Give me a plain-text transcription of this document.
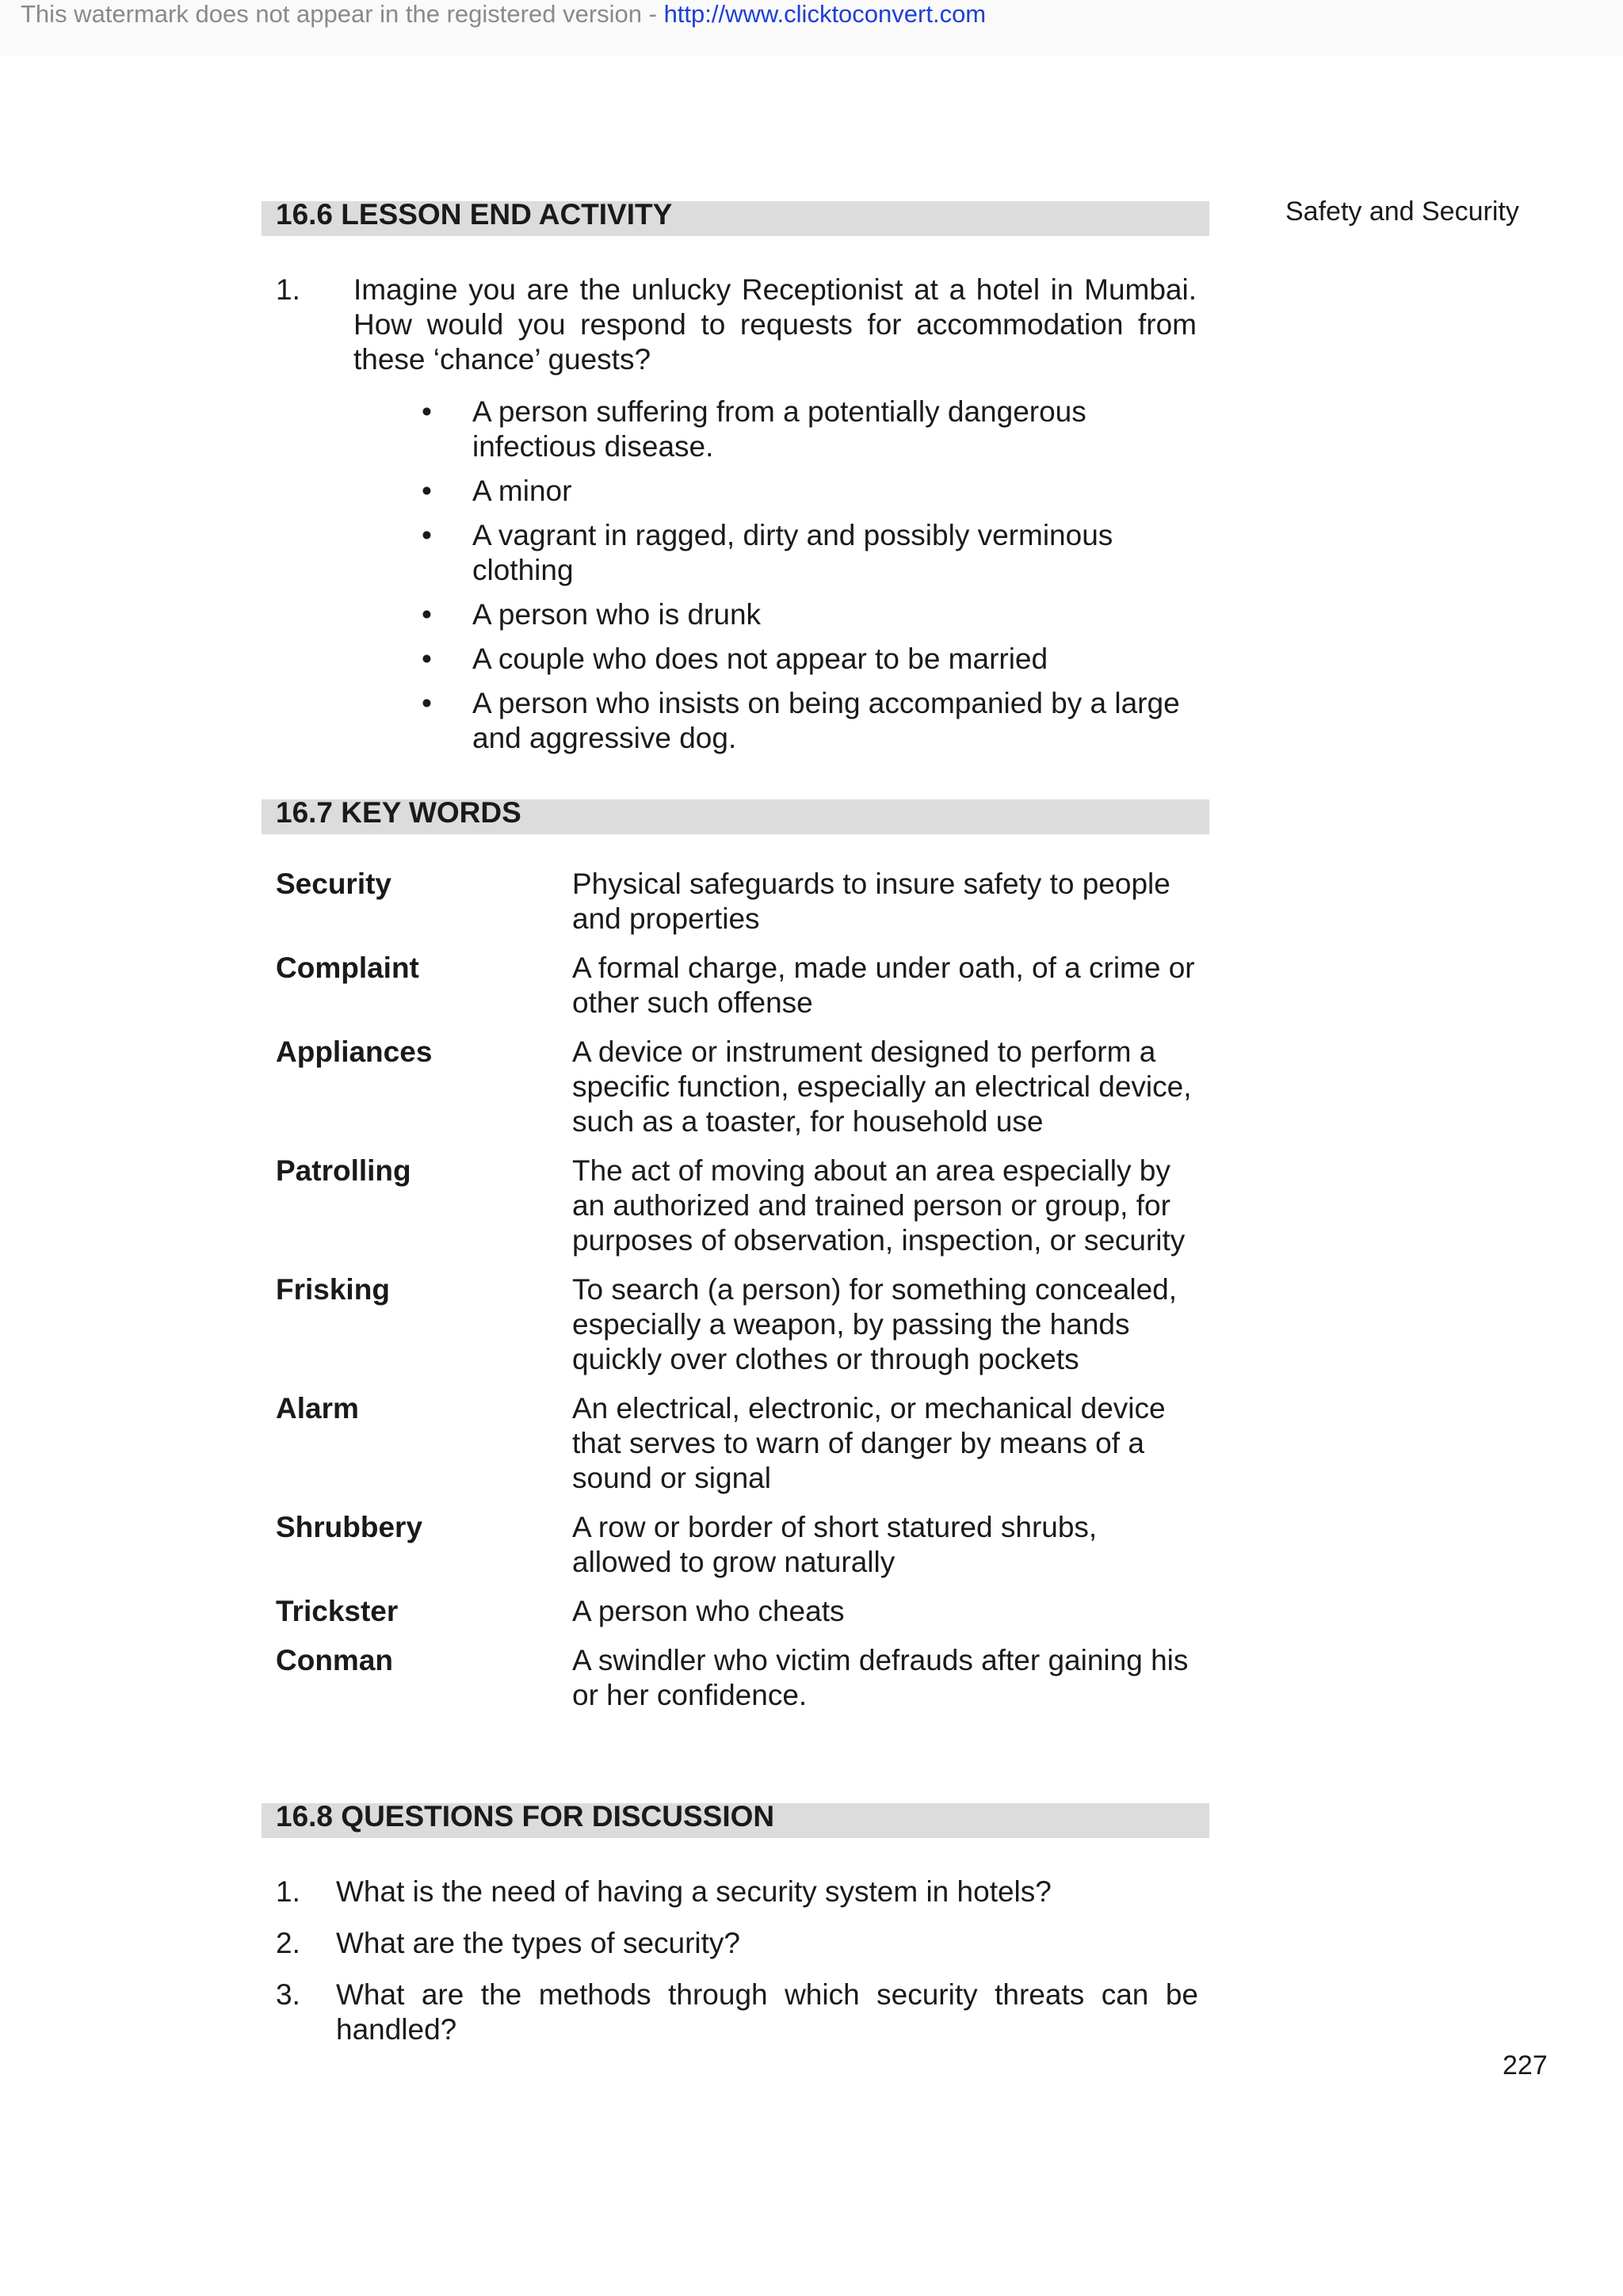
This watermark does not appear in the registered version - http://www.clicktoconvert.com
Safety and Security
16.6 LESSON END ACTIVITY
1. Imagine you are the unlucky Receptionist at a hotel in Mumbai. How would you respond to requests for accommodation from these ‘chance’ guests?
• A person suffering from a potentially dangerous infectious disease.
• A minor
• A vagrant in ragged, dirty and possibly verminous clothing
• A person who is drunk
• A couple who does not appear to be married
• A person who insists on being accompanied by a large and aggressive dog.
16.7 KEY WORDS
Security	Physical safeguards to insure safety to people and properties
Complaint	A formal charge, made under oath, of a crime or other such offense
Appliances	A device or instrument designed to perform a specific function, especially an electrical device, such as a toaster, for household use
Patrolling	The act of moving about an area especially by an authorized and trained person or group, for purposes of observation, inspection, or security
Frisking	To search (a person) for something concealed, especially a weapon, by passing the hands quickly over clothes or through pockets
Alarm	An electrical, electronic, or mechanical device that serves to warn of danger by means of a sound or signal
Shrubbery	A row or border of short statured shrubs, allowed to grow naturally
Trickster	A person who cheats
Conman	A swindler who victim defrauds after gaining his or her confidence.
16.8 QUESTIONS FOR DISCUSSION
1.	What is the need of having a security system in hotels?
2.	What are the types of security?
3.	What are the methods through which security threats can be handled?
227
